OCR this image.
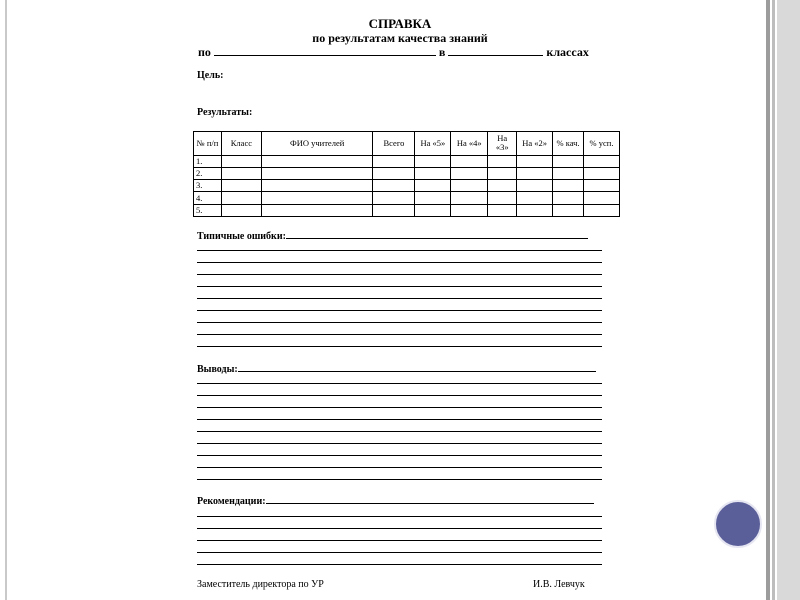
СПРАВКА
по результатам качества знаний
по	в	классах
Цель:
Результаты:
№ п/п	Класс	ФИО учителей	Всего	На «5»	На «4»	На «3»	На «2»	% кач.	% усп.
1.									
2.									
3.									
4.									
5.									
Типичные ошибки:
Выводы:
Рекомендации:
Заместитель директора по УР	И.В. Левчук
